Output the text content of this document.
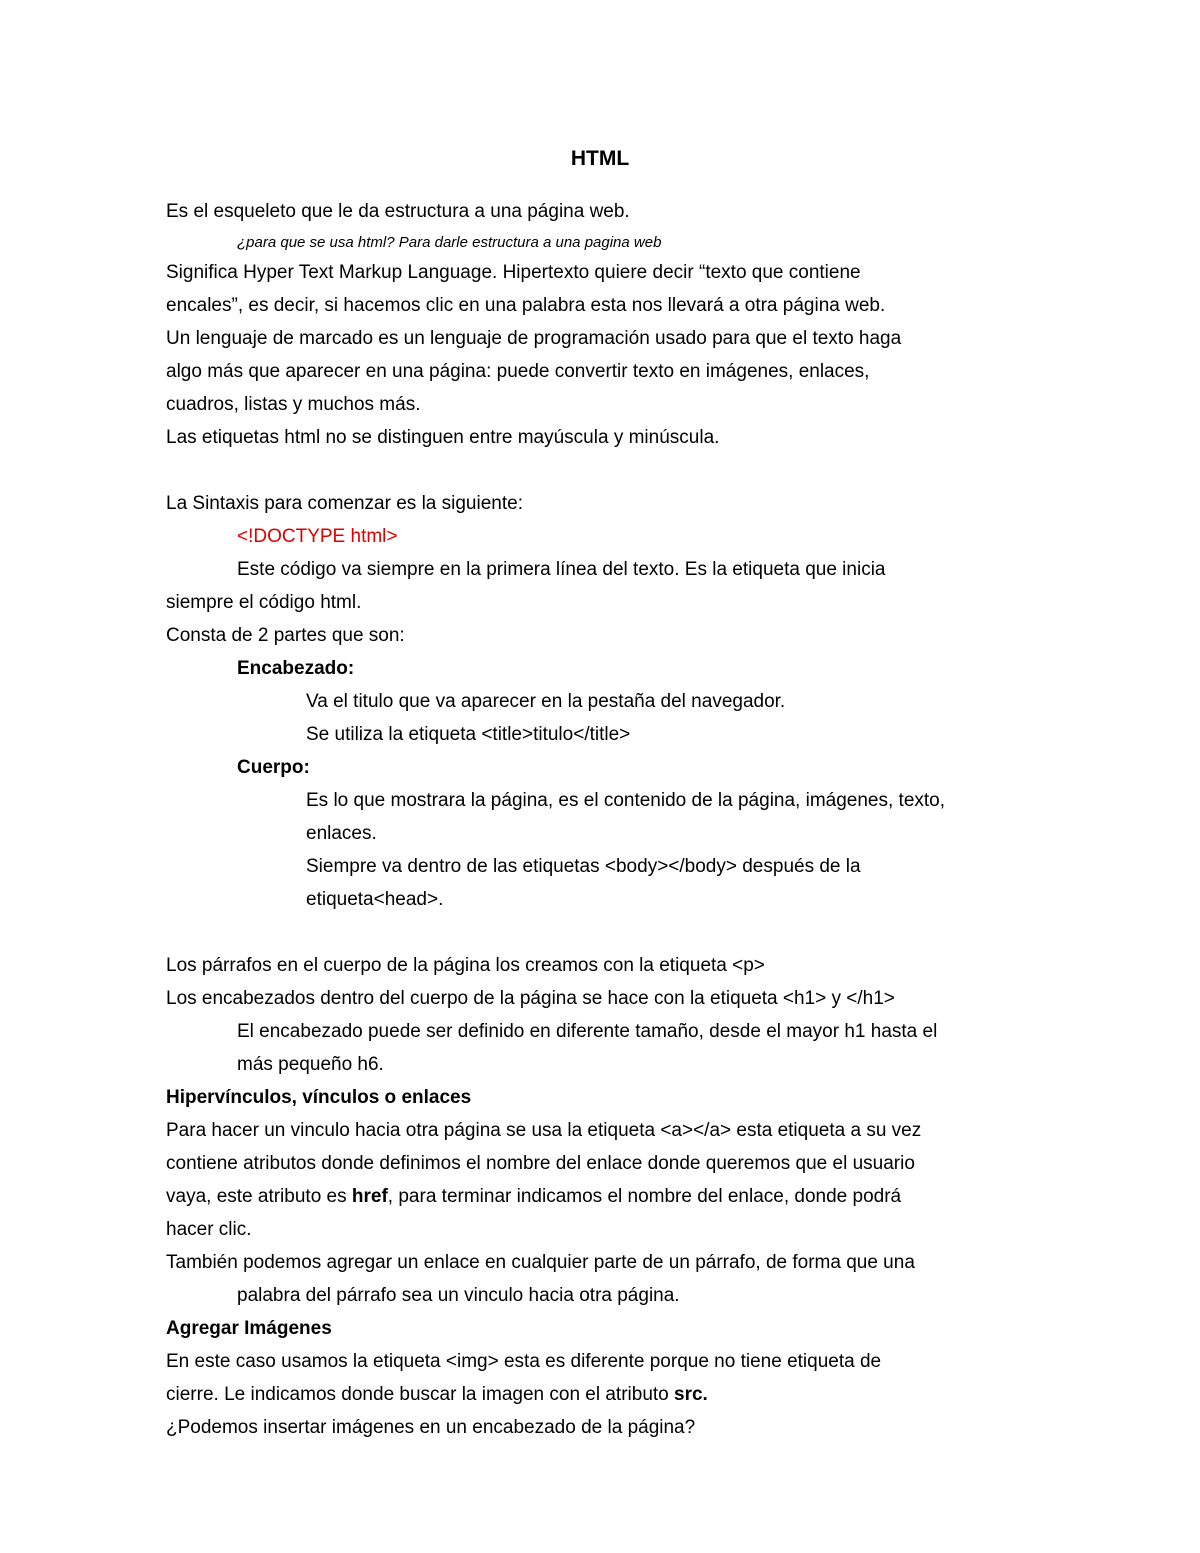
HTML
Es el esqueleto que le da estructura a una página web.
¿para que se usa html? Para darle estructura a una pagina web
Significa Hyper Text Markup Language. Hipertexto quiere decir “texto que contiene
encales”, es decir, si hacemos clic en una palabra esta nos llevará a otra página web.
Un lenguaje de marcado es un lenguaje de programación usado para que el texto haga
algo más que aparecer en una página: puede convertir texto en imágenes, enlaces,
cuadros, listas y muchos más.
Las etiquetas html no se distinguen entre mayúscula y minúscula.
La Sintaxis para comenzar es la siguiente:
<!DOCTYPE html>
Este código va siempre en la primera línea del texto. Es la etiqueta que inicia
siempre el código html.
Consta de 2 partes que son:
Encabezado:
Va el titulo que va aparecer en la pestaña del navegador.
Se utiliza la etiqueta <title>titulo</title>
Cuerpo:
Es lo que mostrara la página, es el contenido de la página, imágenes, texto,
enlaces.
Siempre va dentro de las etiquetas <body></body> después de la
etiqueta<head>.
Los párrafos en el cuerpo de la página los creamos con la etiqueta <p>
Los encabezados dentro del cuerpo de la página se hace con la etiqueta <h1> y </h1>
El encabezado puede ser definido en diferente tamaño, desde el mayor h1 hasta el
más pequeño h6.
Hipervínculos, vínculos o enlaces
Para hacer un vinculo hacia otra página se usa la etiqueta <a></a> esta etiqueta a su vez
contiene atributos donde definimos el nombre del enlace donde queremos que el usuario
vaya, este atributo es href, para terminar indicamos el nombre del enlace, donde podrá
hacer clic.
También podemos agregar un enlace en cualquier parte de un párrafo, de forma que una
palabra del párrafo sea un vinculo hacia otra página.
Agregar Imágenes
En este caso usamos la etiqueta <img> esta es diferente porque no tiene etiqueta de
cierre. Le indicamos donde buscar la imagen con el atributo src.
¿Podemos insertar imágenes en un encabezado de la página?
